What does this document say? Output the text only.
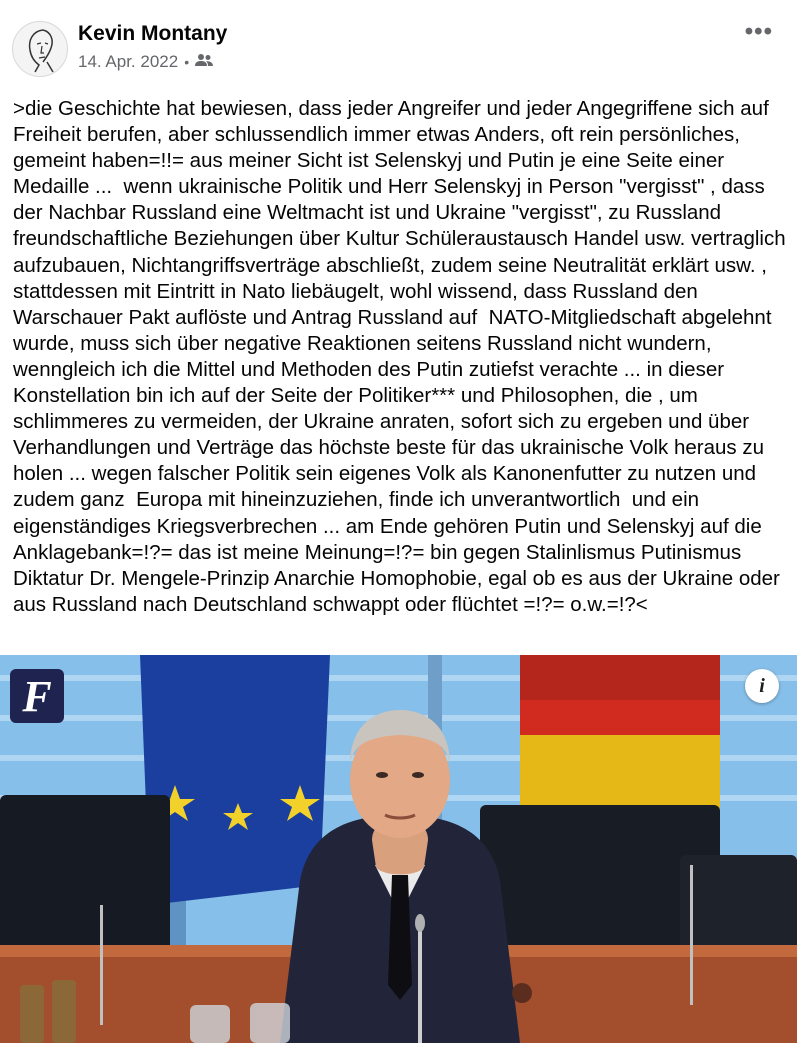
Kevin Montany
14. Apr. 2022 •
•••

>die Geschichte hat bewiesen, dass jeder Angreifer und jeder Angegriffene sich auf Freiheit berufen, aber schlussendlich immer etwas Anders, oft rein persönliches, gemeint haben=!!= aus meiner Sicht ist Selenskyj und Putin je eine Seite einer Medaille ...  wenn ukrainische Politik und Herr Selenskyj in Person "vergisst" , dass der Nachbar Russland eine Weltmacht ist und Ukraine "vergisst", zu Russland freundschaftliche Beziehungen über Kultur Schüleraustausch Handel usw. vertraglich aufzubauen, Nichtangriffsverträge abschließt, zudem seine Neutralität erklärt usw. , stattdessen mit Eintritt in Nato liebäugelt, wohl wissend, dass Russland den Warschauer Pakt auflöste und Antrag Russland auf  NATO-Mitgliedschaft abgelehnt wurde, muss sich über negative Reaktionen seitens Russland nicht wundern, wenngleich ich die Mittel und Methoden des Putin zutiefst verachte ... in dieser Konstellation bin ich auf der Seite der Politiker*** und Philosophen, die , um schlimmeres zu vermeiden, der Ukraine anraten, sofort sich zu ergeben und über Verhandlungen und Verträge das höchste beste für das ukrainische Volk heraus zu holen ... wegen falscher Politik sein eigenes Volk als Kanonenfutter zu nutzen und zudem ganz  Europa mit hineinzuziehen, finde ich unverantwortlich  und ein eigenständiges Kriegsverbrechen ... am Ende gehören Putin und Selenskyj auf die Anklagebank=!?= das ist meine Meinung=!?= bin gegen Stalinlismus Putinismus Diktatur Dr. Mengele-Prinzip Anarchie Homophobie, egal ob es aus der Ukraine oder aus Russland nach Deutschland schwappt oder flüchtet =!?= o.w.=!?<

F	i
